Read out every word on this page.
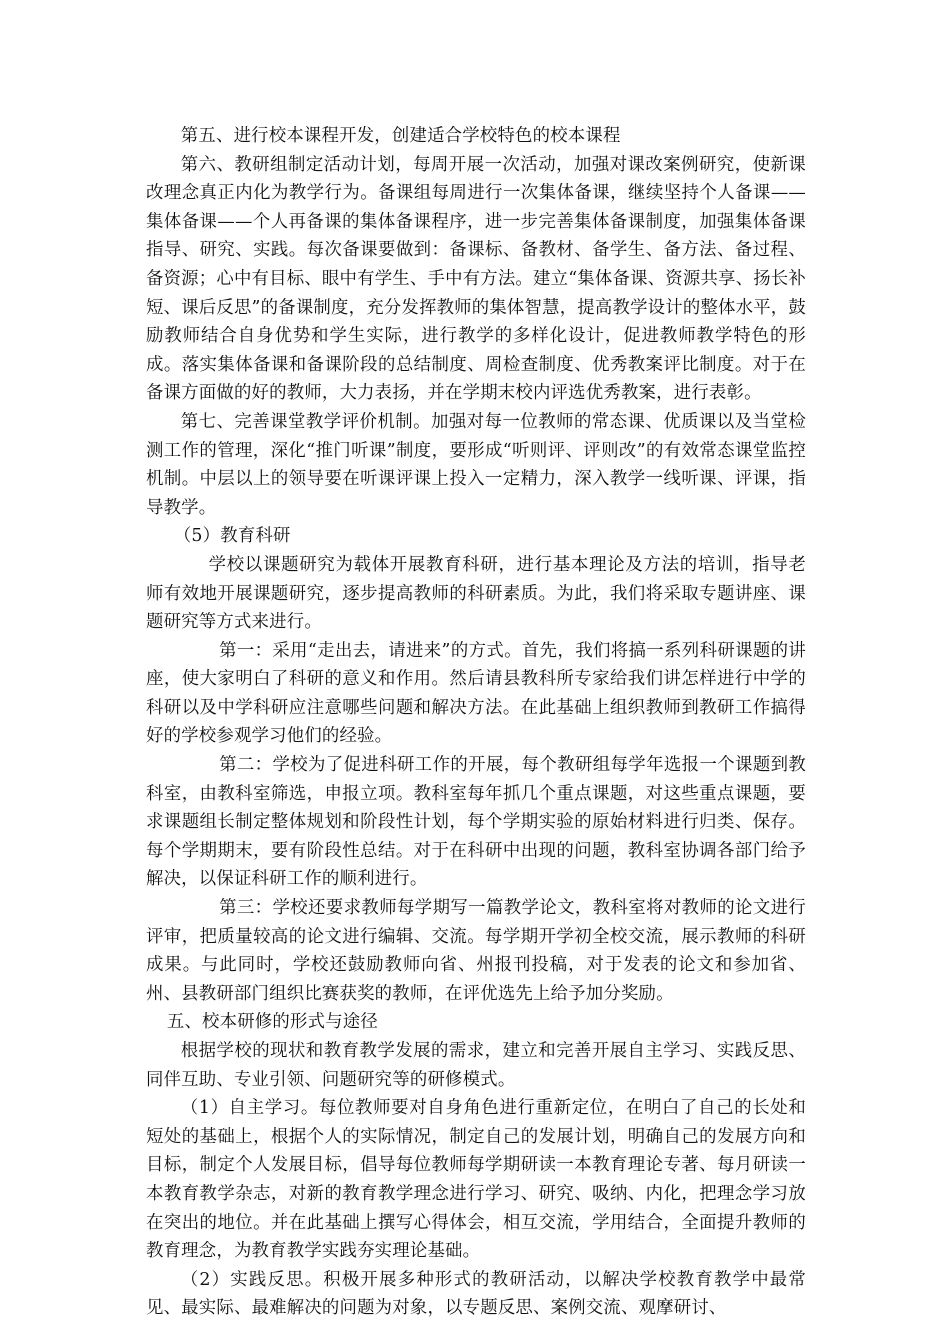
第五、进行校本课程开发，创建适合学校特色的校本课程

第六、教研组制定活动计划，每周开展一次活动，加强对课改案例研究，使新课改理念真正内化为教学行为。备课组每周进行一次集体备课，继续坚持个人备课——集体备课——个人再备课的集体备课程序，进一步完善集体备课制度，加强集体备课指导、研究、实践。每次备课要做到：备课标、备教材、备学生、备方法、备过程、备资源；心中有目标、眼中有学生、手中有方法。建立“集体备课、资源共享、扬长补短、课后反思”的备课制度，充分发挥教师的集体智慧，提高教学设计的整体水平，鼓励教师结合自身优势和学生实际，进行教学的多样化设计，促进教师教学特色的形成。落实集体备课和备课阶段的总结制度、周检查制度、优秀教案评比制度。对于在备课方面做的好的教师，大力表扬，并在学期末校内评选优秀教案，进行表彰。

第七、完善课堂教学评价机制。加强对每一位教师的常态课、优质课以及当堂检测工作的管理，深化“推门听课”制度，要形成“听则评、评则改”的有效常态课堂监控机制。中层以上的领导要在听课评课上投入一定精力，深入教学一线听课、评课，指导教学。

（5）教育科研

学校以课题研究为载体开展教育科研，进行基本理论及方法的培训，指导老师有效地开展课题研究，逐步提高教师的科研素质。为此，我们将采取专题讲座、课题研究等方式来进行。

第一：采用“走出去，请进来”的方式。首先，我们将搞一系列科研课题的讲座，使大家明白了科研的意义和作用。然后请县教科所专家给我们讲怎样进行中学的科研以及中学科研应注意哪些问题和解决方法。在此基础上组织教师到教研工作搞得好的学校参观学习他们的经验。

第二：学校为了促进科研工作的开展，每个教研组每学年选报一个课题到教科室，由教科室筛选，申报立项。教科室每年抓几个重点课题，对这些重点课题，要求课题组长制定整体规划和阶段性计划，每个学期实验的原始材料进行归类、保存。每个学期期末，要有阶段性总结。对于在科研中出现的问题，教科室协调各部门给予解决，以保证科研工作的顺利进行。

第三：学校还要求教师每学期写一篇教学论文，教科室将对教师的论文进行评审，把质量较高的论文进行编辑、交流。每学期开学初全校交流，展示教师的科研成果。与此同时，学校还鼓励教师向省、州报刊投稿，对于发表的论文和参加省、州、县教研部门组织比赛获奖的教师，在评优选先上给予加分奖励。

五、校本研修的形式与途径

根据学校的现状和教育教学发展的需求，建立和完善开展自主学习、实践反思、同伴互助、专业引领、问题研究等的研修模式。

（1）自主学习。每位教师要对自身角色进行重新定位，在明白了自己的长处和短处的基础上，根据个人的实际情况，制定自己的发展计划，明确自己的发展方向和目标，制定个人发展目标，倡导每位教师每学期研读一本教育理论专著、每月研读一本教育教学杂志，对新的教育教学理念进行学习、研究、吸纳、内化，把理念学习放在突出的地位。并在此基础上撰写心得体会，相互交流，学用结合，全面提升教师的教育理念，为教育教学实践夯实理论基础。

（2）实践反思。积极开展多种形式的教研活动，以解决学校教育教学中最常见、最实际、最难解决的问题为对象，以专题反思、案例交流、观摩研讨、
